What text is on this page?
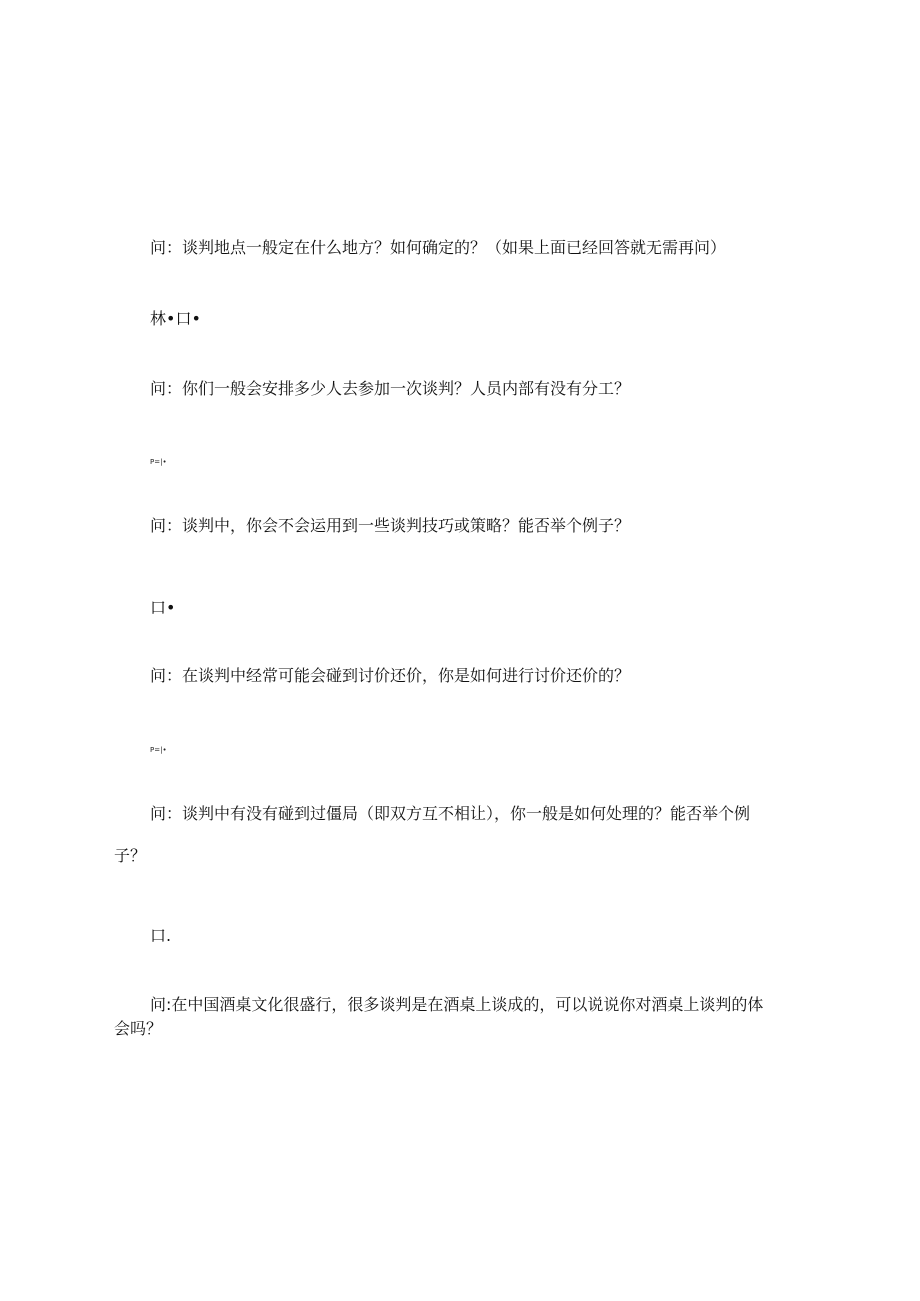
问：谈判地点一般定在什么地方？如何确定的？（如果上面已经回答就无需再问）
林•口•
问：你们一般会安排多少人去参加一次谈判？人员内部有没有分工？
P=|•
问：谈判中，你会不会运用到一些谈判技巧或策略？能否举个例子？
口•
问：在谈判中经常可能会碰到讨价还价，你是如何进行讨价还价的？
P=|•
问：谈判中有没有碰到过僵局（即双方互不相让），你一般是如何处理的？能否举个例
子？
口.
问:在中国酒桌文化很盛行，很多谈判是在酒桌上谈成的，可以说说你对酒桌上谈判的体
会吗？
